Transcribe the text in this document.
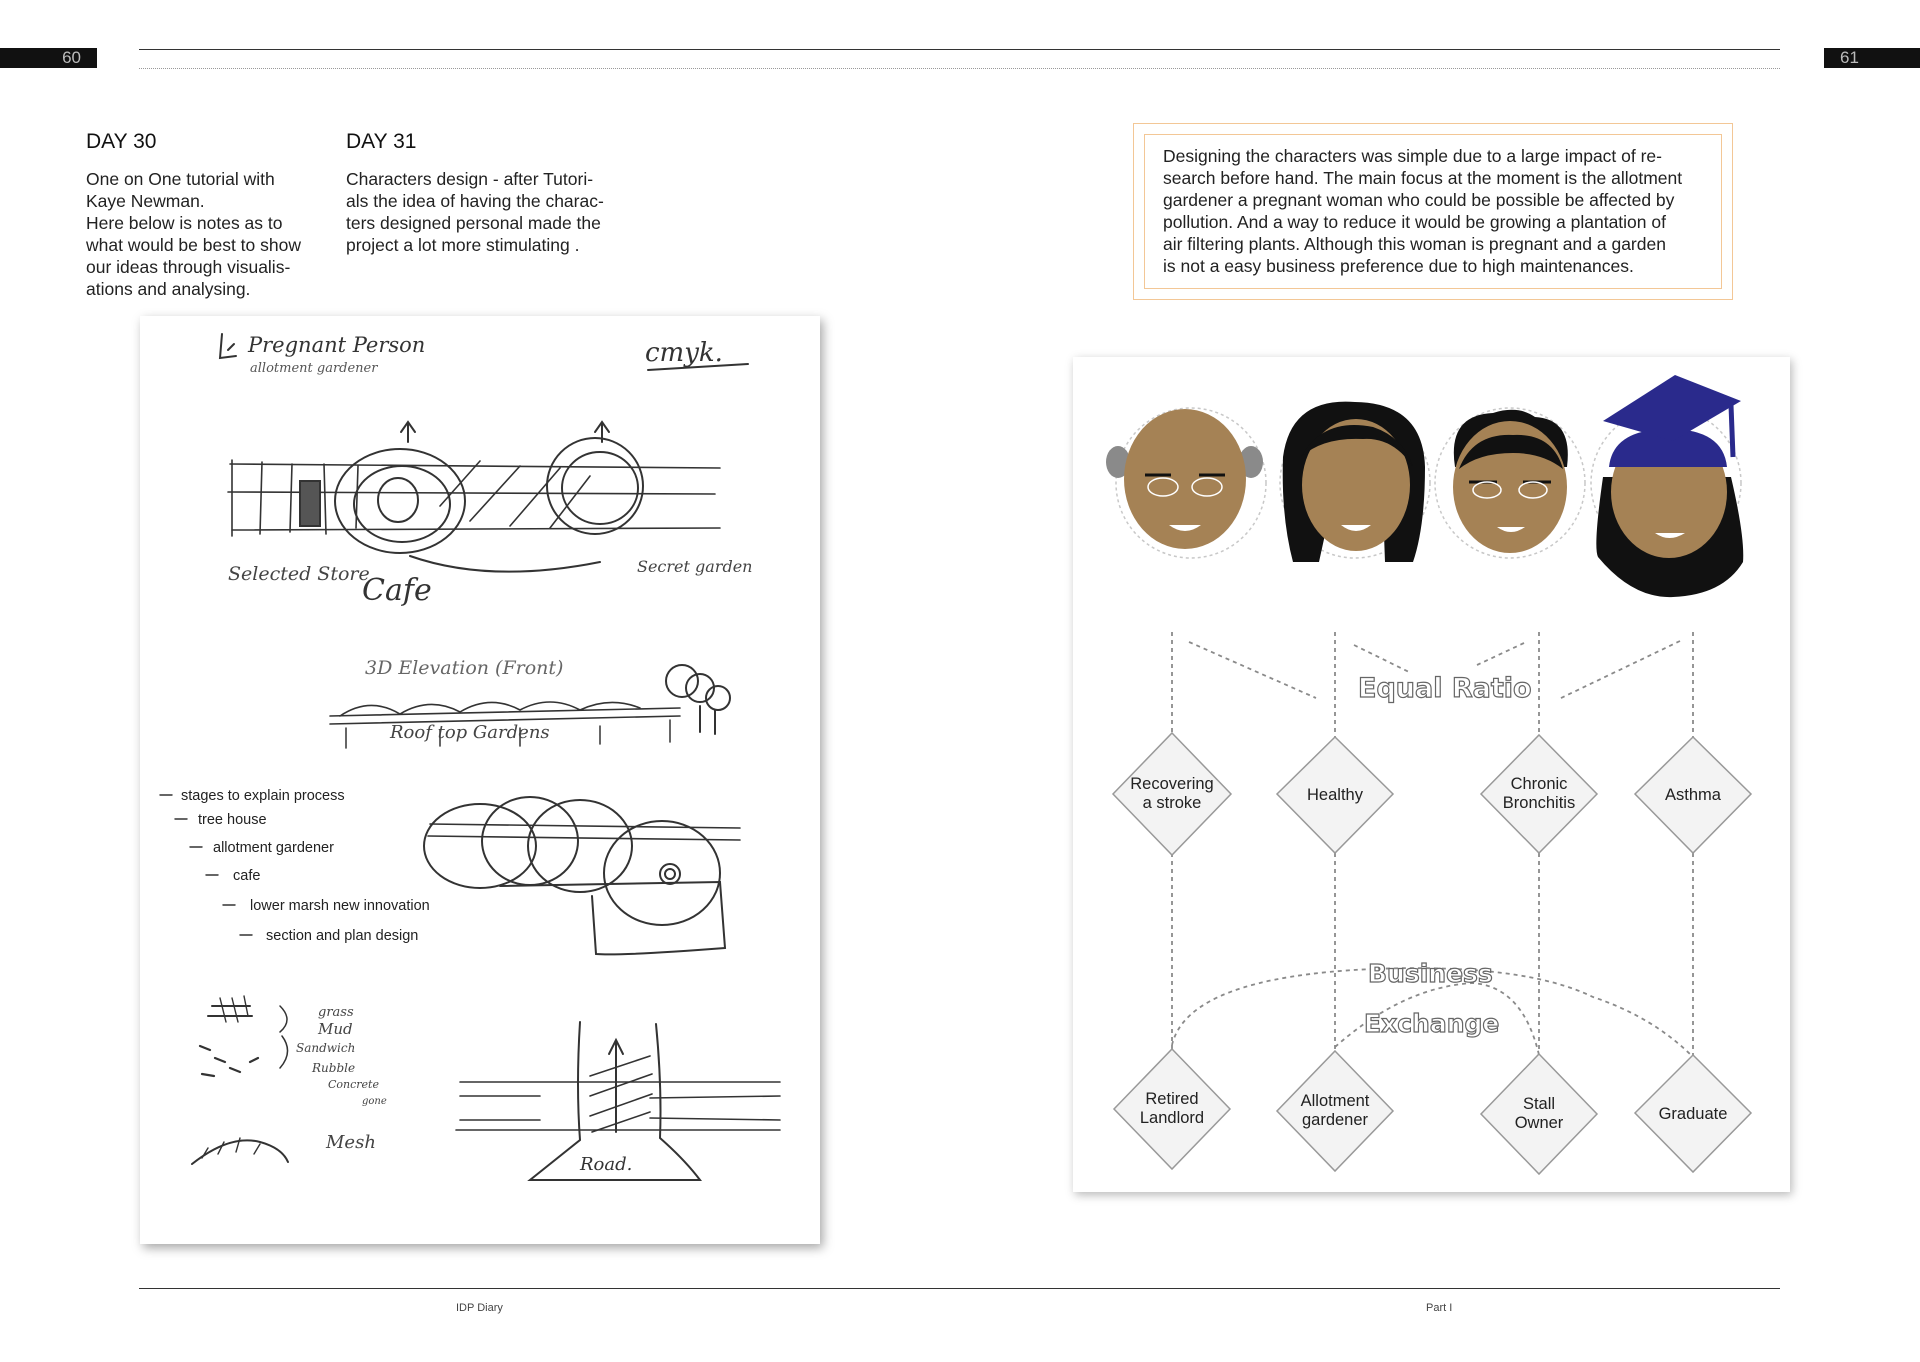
60	61
DAY 30
One on One tutorial with
Kaye Newman.
Here below is notes as to
what would be best to show
our ideas through visualis-
ations and analysing.
DAY 31
Characters design - after Tutori-
als the idea of having the charac-
ters designed personal made the
project a lot more stimulating .
Designing the characters was simple due to a large impact of re-
search before hand. The main focus at the moment is the allotment
gardener a pregnant woman who could be possible be affected by
pollution. And a way to reduce it would be growing a plantation of
air filtering plants. Although this woman is pregnant and a garden
is not a easy business preference due to high maintenances.
Pregnant Person
allotment gardener
cmyk.
Selected Store
Cafe
Secret garden
3D Elevation (Front)
Roof top Gardens
stages to explain process
tree house
allotment gardener
cafe
lower marsh new innovation
section and plan design
grass
Mud
Sandwich
Rubble
Concrete
gone
Mesh
Road.
Equal Ratio
Business
Exchange
Recovering
a stroke	Healthy
Chronic
Bronchitis	Asthma
Retired
Landlord
Allotment
gardener
Stall
Owner	Graduate
IDP Diary	Part I
